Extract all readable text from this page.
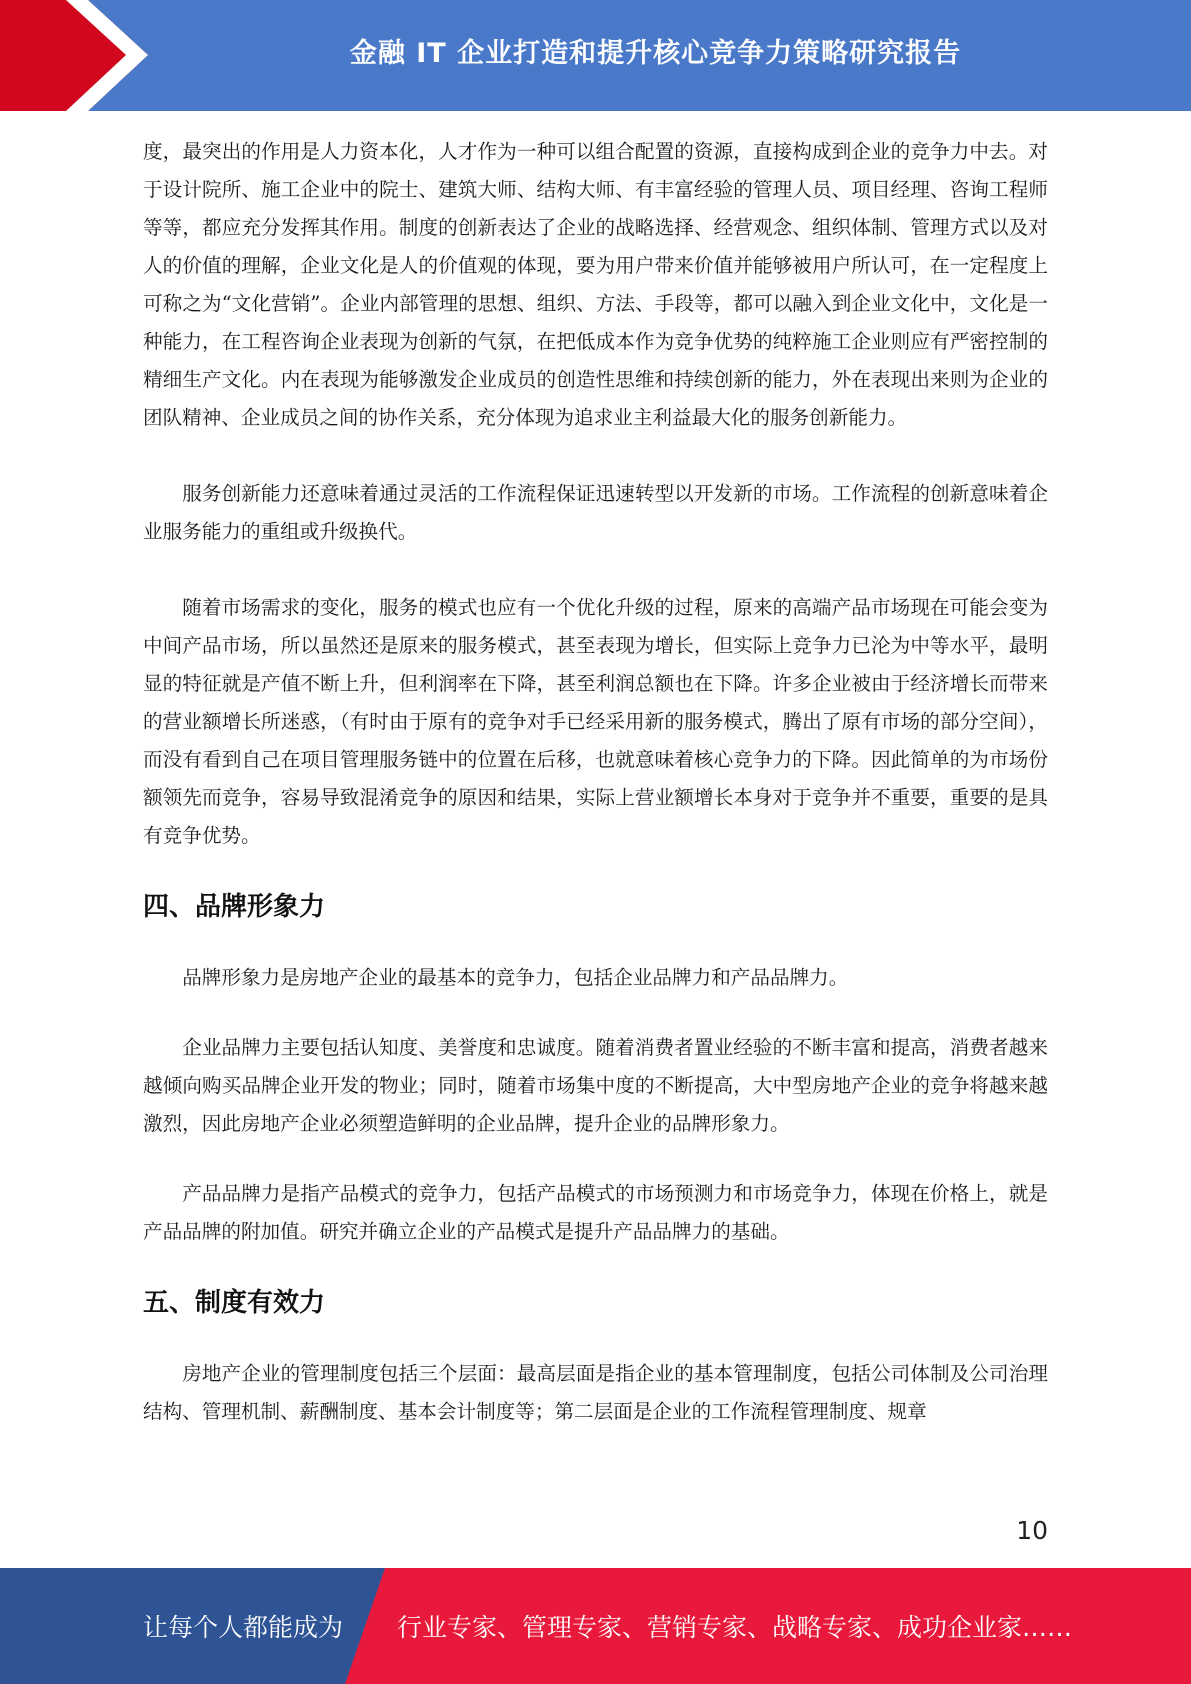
金融 IT 企业打造和提升核心竞争力策略研究报告

度，最突出的作用是人力资本化，人才作为一种可以组合配置的资源，直接构成到企业的竞争力中去。对于设计院所、施工企业中的院士、建筑大师、结构大师、有丰富经验的管理人员、项目经理、咨询工程师等等，都应充分发挥其作用。制度的创新表达了企业的战略选择、经营观念、组织体制、管理方式以及对人的价值的理解，企业文化是人的价值观的体现，要为用户带来价值并能够被用户所认可，在一定程度上可称之为“文化营销”。企业内部管理的思想、组织、方法、手段等，都可以融入到企业文化中，文化是一种能力，在工程咨询企业表现为创新的气氛，在把低成本作为竞争优势的纯粹施工企业则应有严密控制的精细生产文化。内在表现为能够激发企业成员的创造性思维和持续创新的能力，外在表现出来则为企业的团队精神、企业成员之间的协作关系，充分体现为追求业主利益最大化的服务创新能力。

服务创新能力还意味着通过灵活的工作流程保证迅速转型以开发新的市场。工作流程的创新意味着企业服务能力的重组或升级换代。

随着市场需求的变化，服务的模式也应有一个优化升级的过程，原来的高端产品市场现在可能会变为中间产品市场，所以虽然还是原来的服务模式，甚至表现为增长，但实际上竞争力已沦为中等水平，最明显的特征就是产值不断上升，但利润率在下降，甚至利润总额也在下降。许多企业被由于经济增长而带来的营业额增长所迷惑，（有时由于原有的竞争对手已经采用新的服务模式，腾出了原有市场的部分空间），而没有看到自己在项目管理服务链中的位置在后移，也就意味着核心竞争力的下降。因此简单的为市场份额领先而竞争，容易导致混淆竞争的原因和结果，实际上营业额增长本身对于竞争并不重要，重要的是具有竞争优势。

四、品牌形象力

品牌形象力是房地产企业的最基本的竞争力，包括企业品牌力和产品品牌力。

企业品牌力主要包括认知度、美誉度和忠诚度。随着消费者置业经验的不断丰富和提高，消费者越来越倾向购买品牌企业开发的物业；同时，随着市场集中度的不断提高，大中型房地产企业的竞争将越来越激烈，因此房地产企业必须塑造鲜明的企业品牌，提升企业的品牌形象力。

产品品牌力是指产品模式的竞争力，包括产品模式的市场预测力和市场竞争力，体现在价格上，就是产品品牌的附加值。研究并确立企业的产品模式是提升产品品牌力的基础。

五、制度有效力

房地产企业的管理制度包括三个层面：最高层面是指企业的基本管理制度，包括公司体制及公司治理结构、管理机制、薪酬制度、基本会计制度等；第二层面是企业的工作流程管理制度、规章

10
让每个人都能成为 行业专家、管理专家、营销专家、战略专家、成功企业家……
